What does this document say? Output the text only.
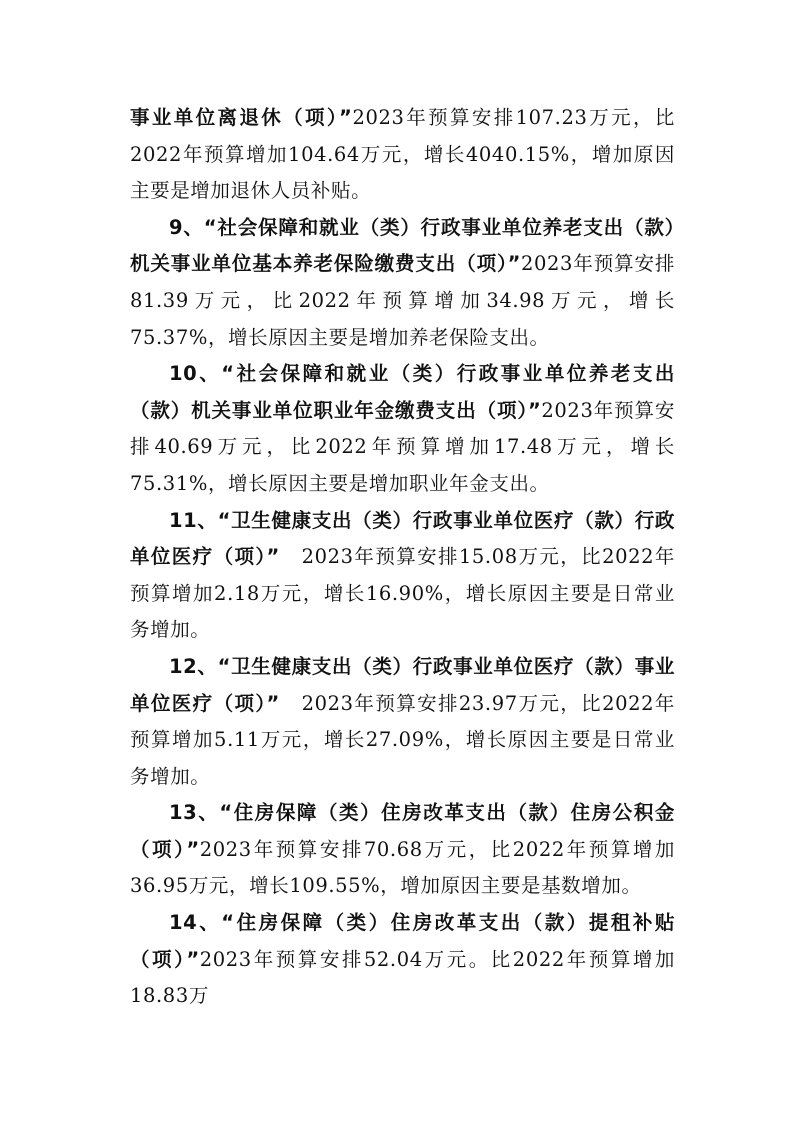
事业单位离退休（项）”2023年预算安排107.23万元，比2022年预算增加104.64万元，增长4040.15%，增加原因主要是增加退休人员补贴。

9、“社会保障和就业（类）行政事业单位养老支出（款）机关事业单位基本养老保险缴费支出（项）”2023年预算安排81.39万元，比2022年预算增加34.98万元，增长75.37%，增长原因主要是增加养老保险支出。

10、“社会保障和就业（类）行政事业单位养老支出（款）机关事业单位职业年金缴费支出（项）”2023年预算安排40.69万元，比2022年预算增加17.48万元，增长75.31%，增长原因主要是增加职业年金支出。

11、“卫生健康支出（类）行政事业单位医疗（款）行政单位医疗（项）”　2023年预算安排15.08万元，比2022年预算增加2.18万元，增长16.90%，增长原因主要是日常业务增加。

12、“卫生健康支出（类）行政事业单位医疗（款）事业单位医疗（项）”　2023年预算安排23.97万元，比2022年预算增加5.11万元，增长27.09%，增长原因主要是日常业务增加。

13、“住房保障（类）住房改革支出（款）住房公积金（项）”2023年预算安排70.68万元，比2022年预算增加36.95万元，增长109.55%，增加原因主要是基数增加。

14、“住房保障（类）住房改革支出（款）提租补贴（项）”2023年预算安排52.04万元。比2022年预算增加18.83万
